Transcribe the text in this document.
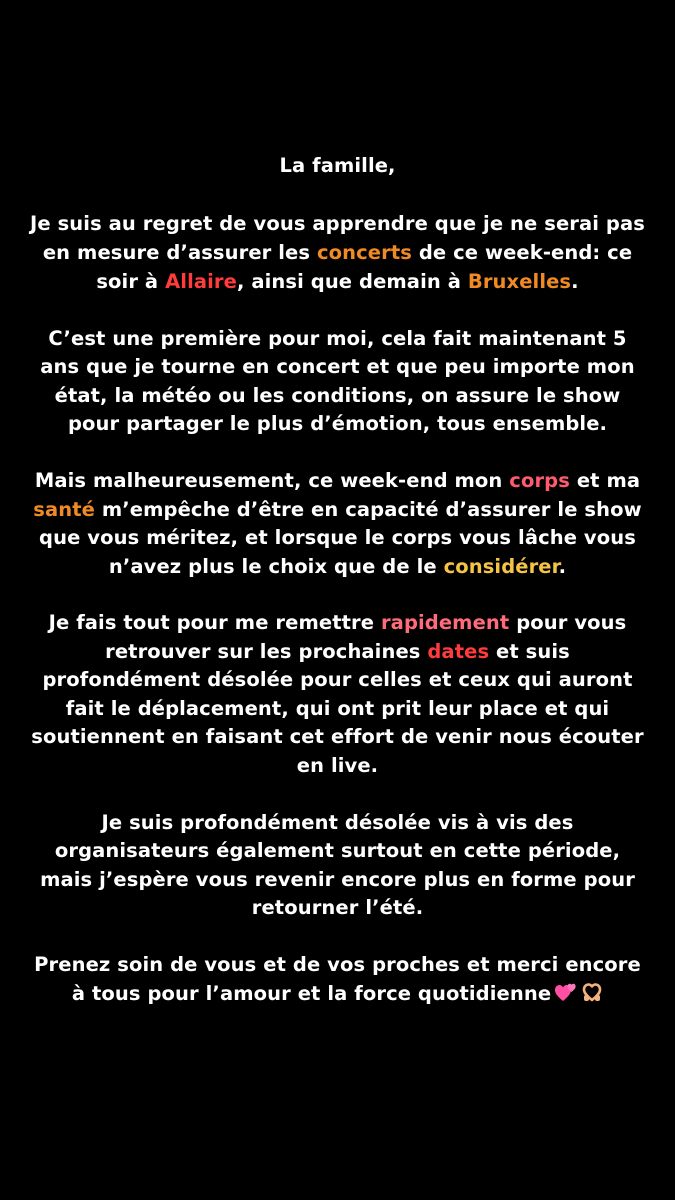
La famille,
Je suis au regret de vous apprendre que je ne serai pas
en mesure d’assurer les concerts de ce week-end: ce
soir à Allaire, ainsi que demain à Bruxelles.
C’est une première pour moi, cela fait maintenant 5
ans que je tourne en concert et que peu importe mon
état, la météo ou les conditions, on assure le show
pour partager le plus d’émotion, tous ensemble.
Mais malheureusement, ce week-end mon corps et ma
santé m’empêche d’être en capacité d’assurer le show
que vous méritez, et lorsque le corps vous lâche vous
n’avez plus le choix que de le considérer.
Je fais tout pour me remettre rapidement pour vous
retrouver sur les prochaines dates et suis
profondément désolée pour celles et ceux qui auront
fait le déplacement, qui ont prit leur place et qui
soutiennent en faisant cet effort de venir nous écouter
en live.
Je suis profondément désolée vis à vis des
organisateurs également surtout en cette période,
mais j’espère vous revenir encore plus en forme pour
retourner l’été.
Prenez soin de vous et de vos proches et merci encore
à tous pour l’amour et la force quotidienne
